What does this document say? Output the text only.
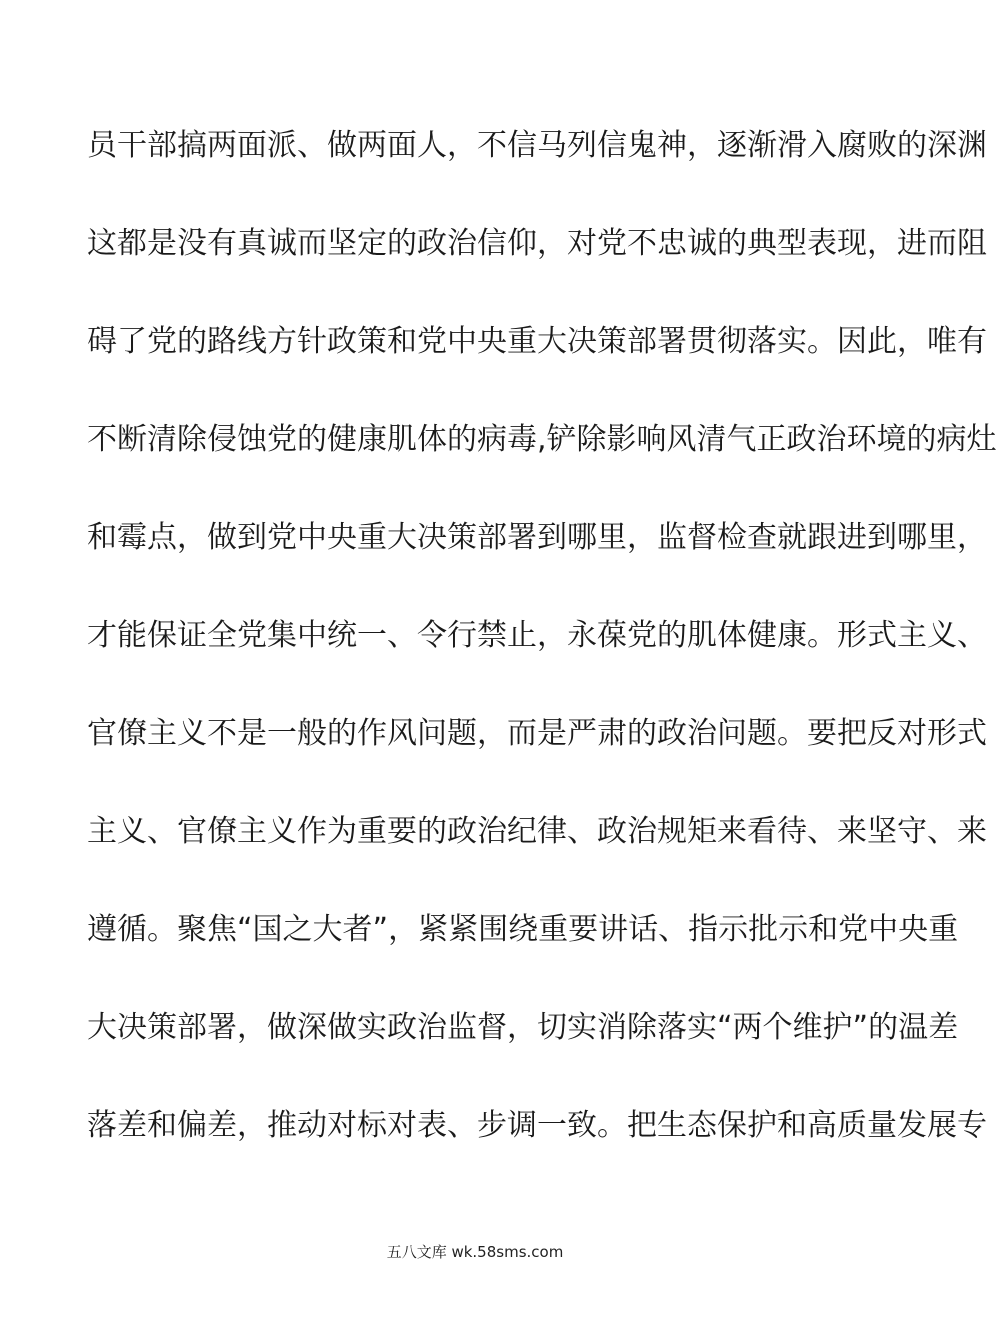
员干部搞两面派、做两面人，不信马列信鬼神，逐渐滑入腐败的深渊
这都是没有真诚而坚定的政治信仰，对党不忠诚的典型表现，进而阻
碍了党的路线方针政策和党中央重大决策部署贯彻落实。因此，唯有
不断清除侵蚀党的健康肌体的病毒,铲除影响风清气正政治环境的病灶
和霉点，做到党中央重大决策部署到哪里，监督检查就跟进到哪里，
才能保证全党集中统一、令行禁止，永葆党的肌体健康。形式主义、
官僚主义不是一般的作风问题，而是严肃的政治问题。要把反对形式
主义、官僚主义作为重要的政治纪律、政治规矩来看待、来坚守、来
遵循。聚焦“国之大者”，紧紧围绕重要讲话、指示批示和党中央重
大决策部署，做深做实政治监督，切实消除落实“两个维护”的温差
落差和偏差，推动对标对表、步调一致。把生态保护和高质量发展专
五八文库 wk.58sms.com
